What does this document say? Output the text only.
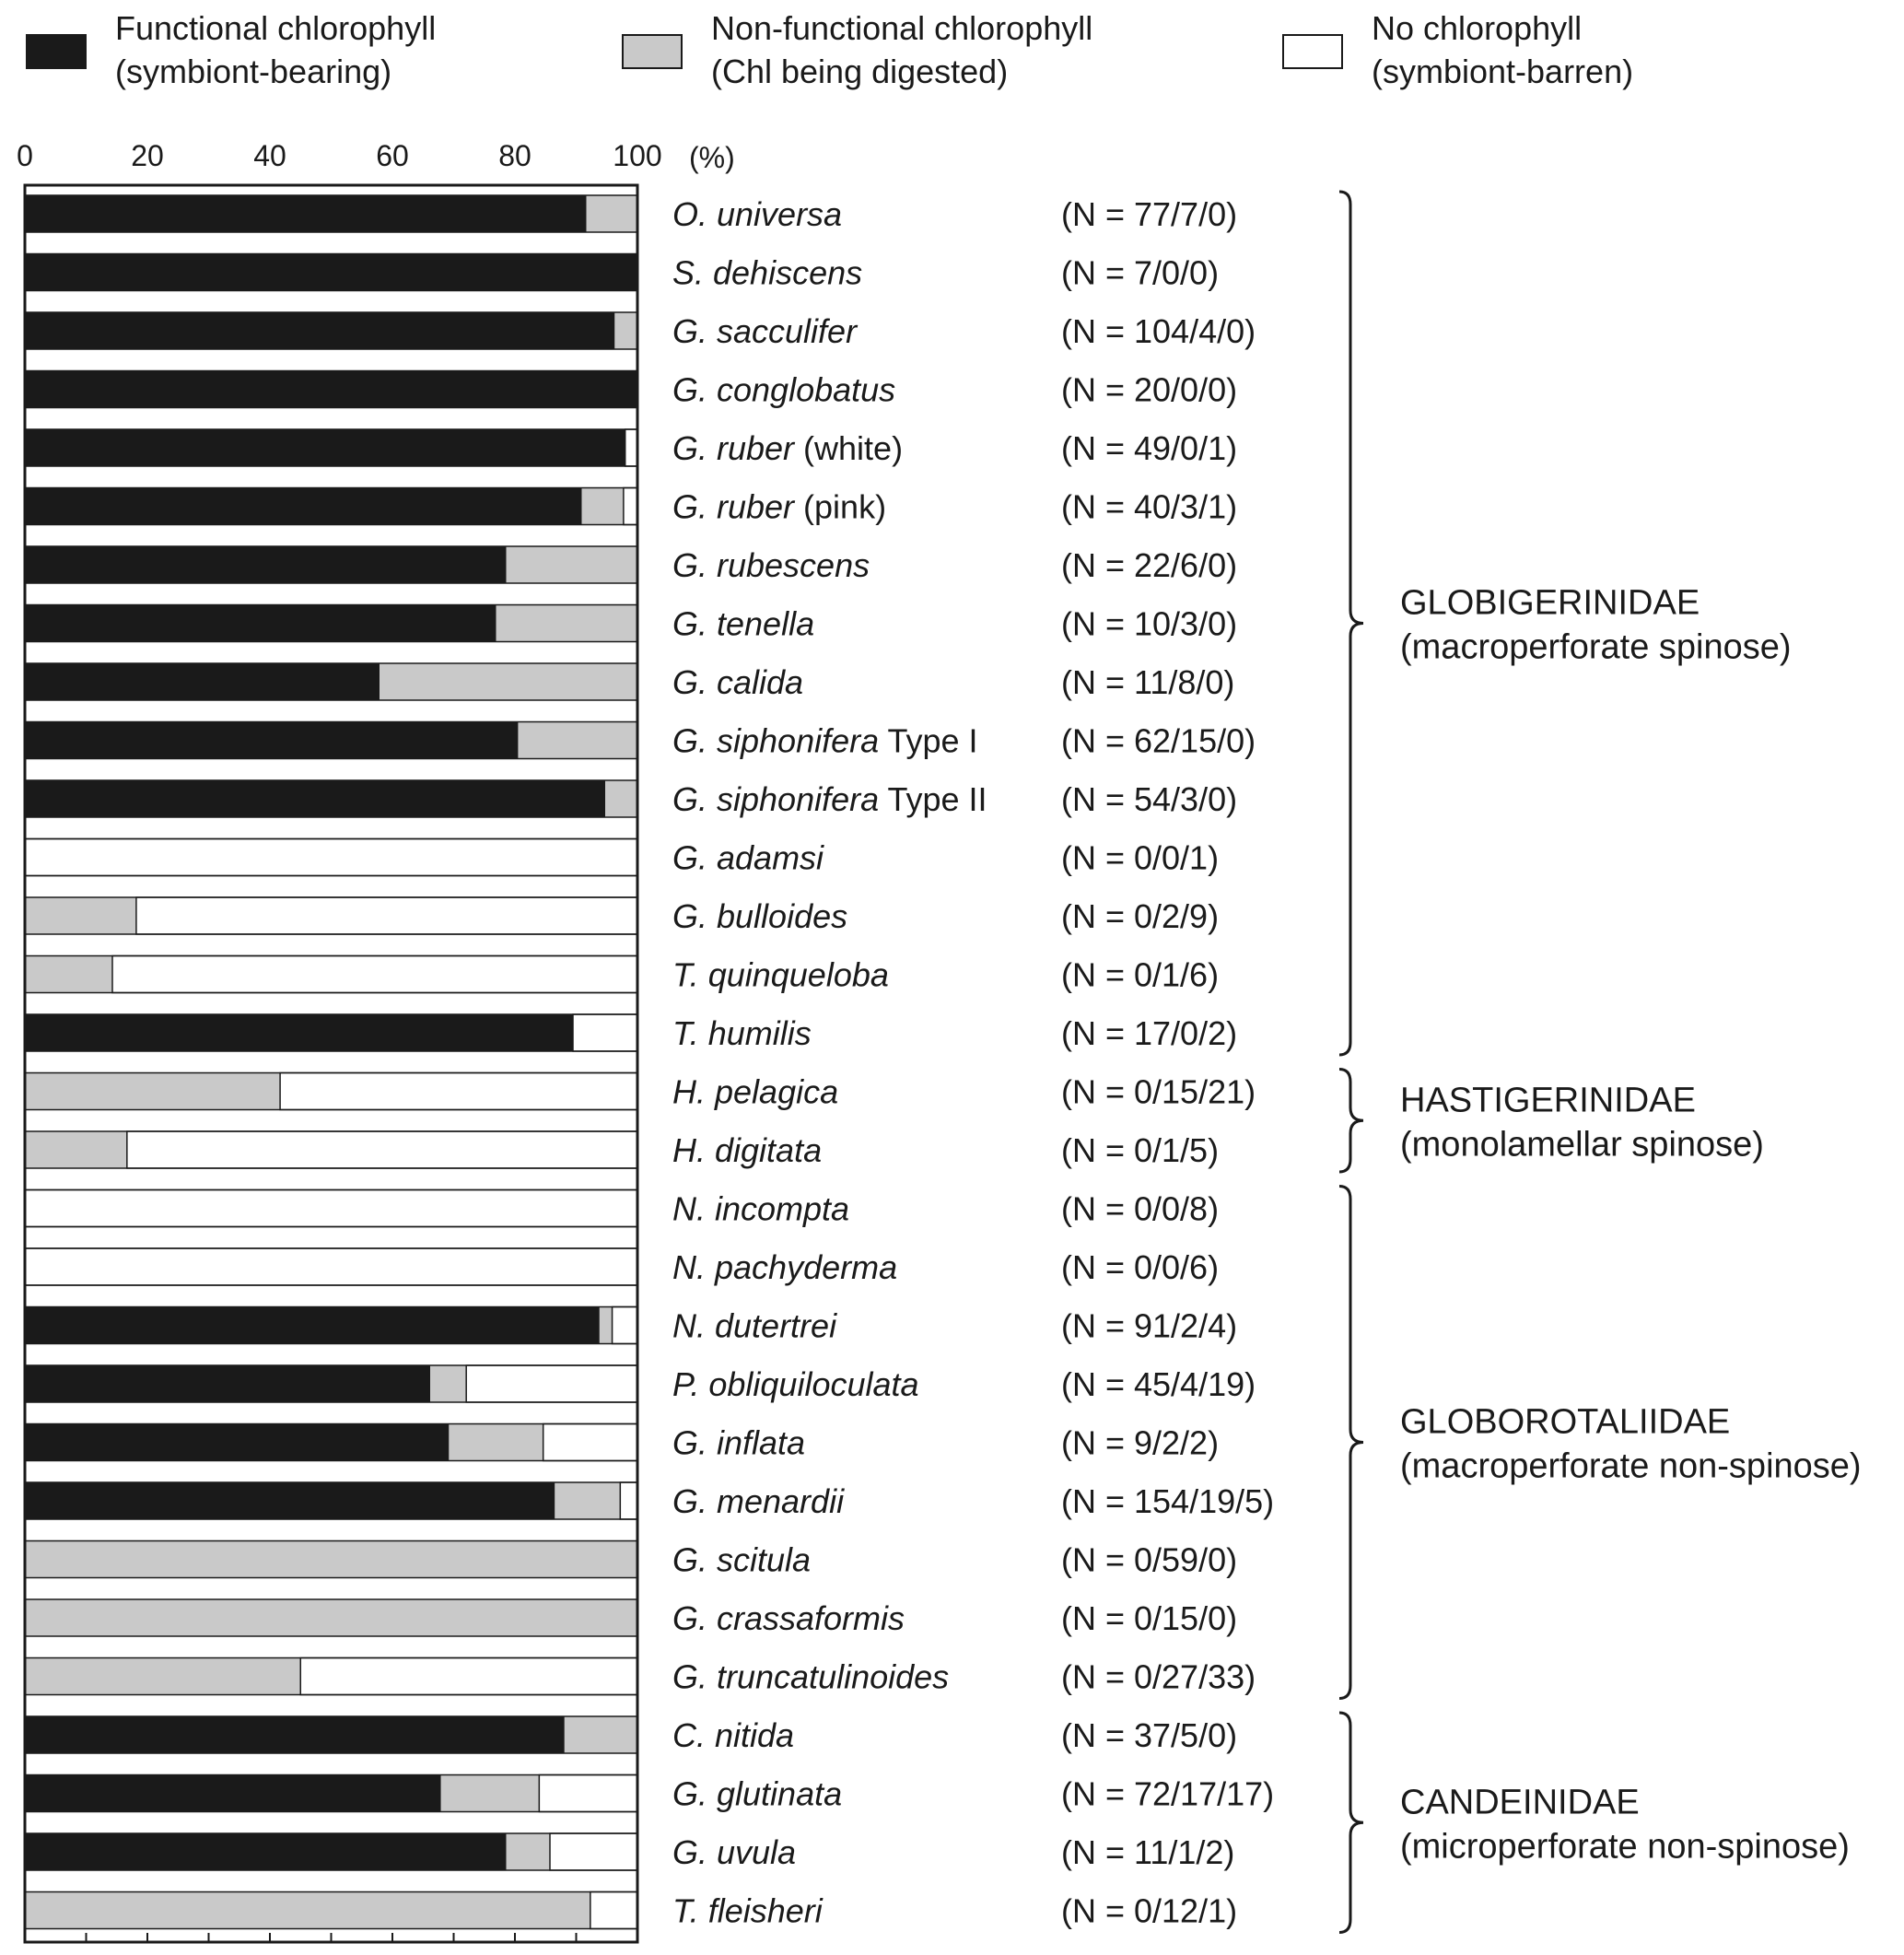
Functional chlorophyll
(symbiont-bearing)
Non-functional chlorophyll
(Chl being digested)
No chlorophyll
(symbiont-barren)
0	20	40	60	80	100 (%)
O. universa	(N = 77/7/0)
S. dehiscens	(N = 7/0/0)
G. sacculifer	(N = 104/4/0)
G. conglobatus	(N = 20/0/0)
G. ruber (white)	(N = 49/0/1)
G. ruber (pink)	(N = 40/3/1)
G. rubescens	(N = 22/6/0)
G. tenella	(N = 10/3/0)
G. calida	(N = 11/8/0)
G. siphonifera Type I	(N = 62/15/0)
G. siphonifera Type II (N = 54/3/0)
G. adamsi	(N = 0/0/1)
G. bulloides	(N = 0/2/9)
T. quinqueloba	(N = 0/1/6)
T. humilis	(N = 17/0/2)
H. pelagica	(N = 0/15/21)
H. digitata	(N = 0/1/5)
N. incompta	(N = 0/0/8)
N. pachyderma	(N = 0/0/6)
N. dutertrei	(N = 91/2/4)
P. obliquiloculata	(N = 45/4/19)
G. inflata	(N = 9/2/2)
G. menardii	(N = 154/19/5)
G. scitula	(N = 0/59/0)
G. crassaformis	(N = 0/15/0)
G. truncatulinoides	(N = 0/27/33)
C. nitida	(N = 37/5/0)
G. glutinata	(N = 72/17/17)
G. uvula	(N = 11/1/2)
T. fleisheri	(N = 0/12/1)
GLOBIGERINIDAE
(macroperforate spinose)
HASTIGERINIDAE
(monolamellar spinose)
GLOBOROTALIIDAE
(macroperforate non-spinose)
CANDEINIDAE
(microperforate non-spinose)
